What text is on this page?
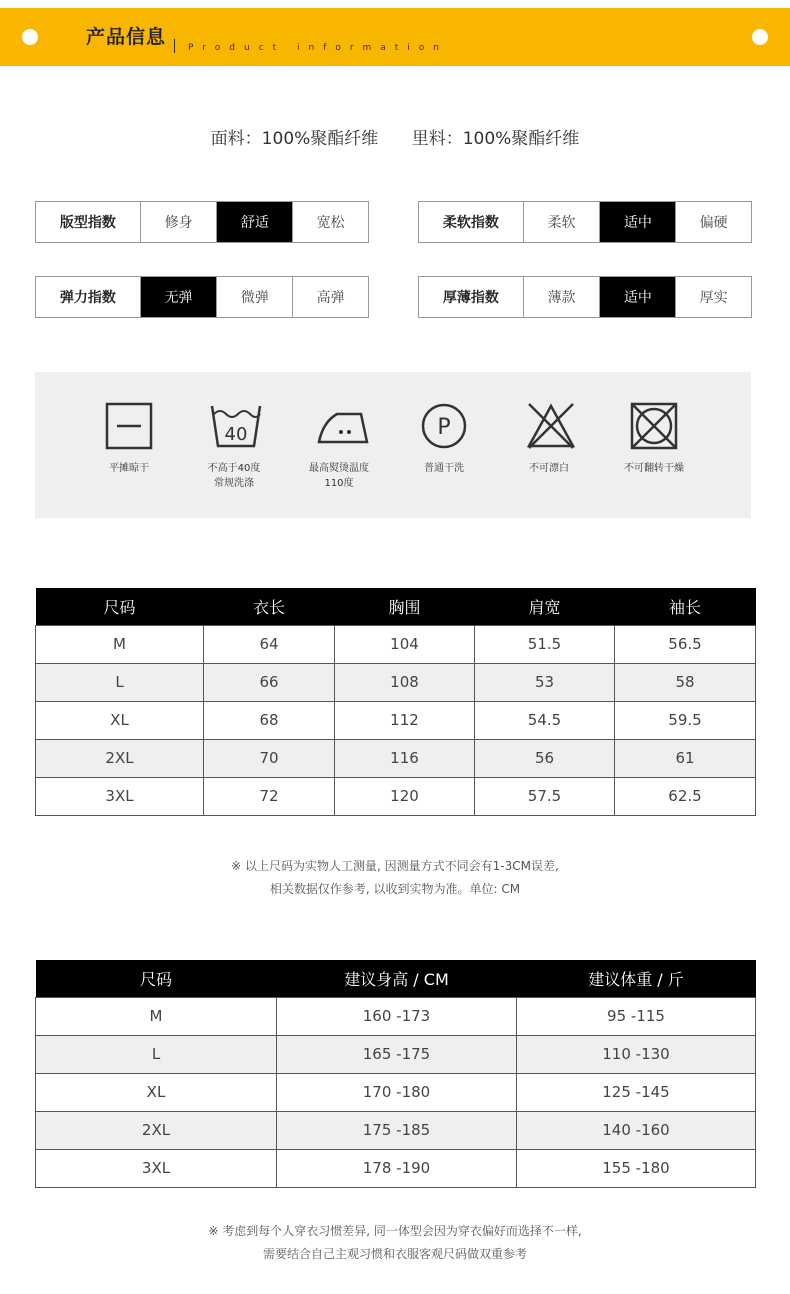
产品信息 Product information
面料：100%聚酯纤维 里料：100%聚酯纤维
版型指数	修身	舒适	宽松	柔软指数	柔软	适中	偏硬
弹力指数	无弹	微弹	高弹	厚薄指数	薄款	适中	厚实
平摊晾干
40
不高于40度
常规洗涤
最高熨烫温度
110度
P
普通干洗	不可漂白	不可翻转干燥
尺码	衣长	胸围	肩宽	袖长
M	64	104	51.5	56.5
L	66	108	53	58
XL	68	112	54.5	59.5
2XL	70	116	56	61
3XL	72	120	57.5	62.5
※ 以上尺码为实物人工测量, 因测量方式不同会有1-3CM误差,
相关数据仅作参考, 以收到实物为准。单位: CM
尺码	建议身高 / CM	建议体重 / 斤
M	160 -173	95 -115
L	165 -175	110 -130
XL	170 -180	125 -145
2XL	175 -185	140 -160
3XL	178 -190	155 -180
※ 考虑到每个人穿衣习惯差异, 同一体型会因为穿衣偏好而选择不一样,
需要结合自己主观习惯和衣服客观尺码做双重参考
